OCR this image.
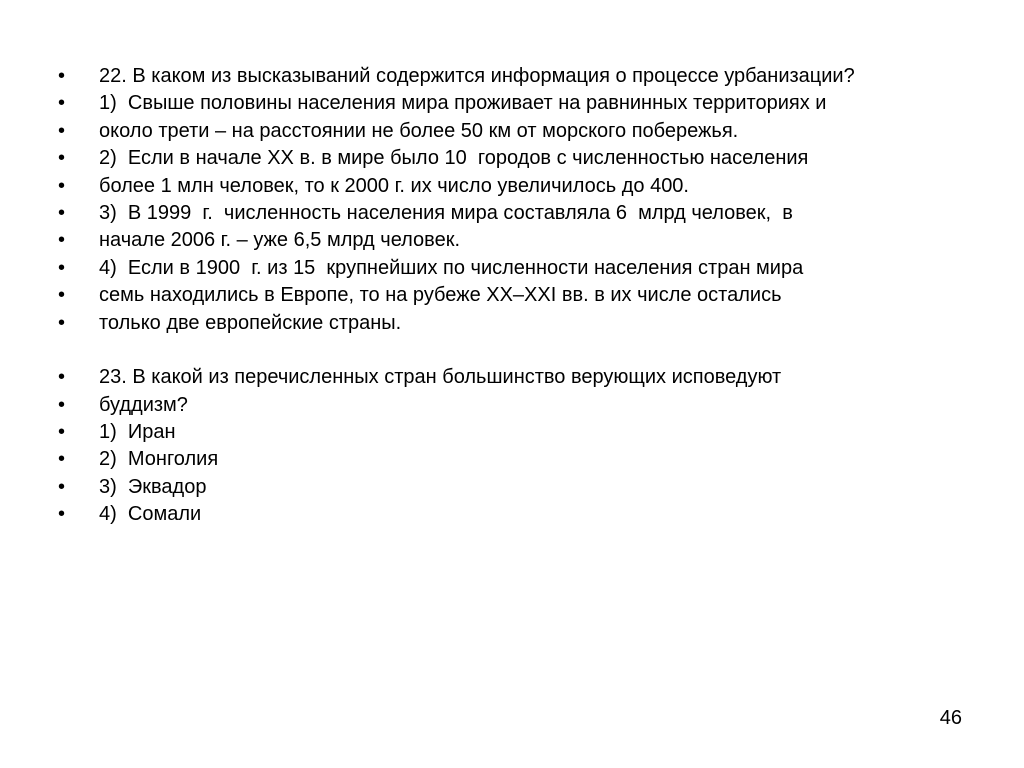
•	22. В каком из высказываний содержится информация о процессе урбанизации?
•	1)  Свыше половины населения мира проживает на равнинных территориях и
•	около трети – на расстоянии не более 50 км от морского побережья.
•	2)  Если в начале XX в. в мире было 10  городов с численностью населения
•	более 1 млн человек, то к 2000 г. их число увеличилось до 400.
•	3)  В 1999  г.  численность населения мира составляла 6  млрд человек,  в
•	начале 2006 г. – уже 6,5 млрд человек.
•	4)  Если в 1900  г. из 15  крупнейших по численности населения стран мира
•	семь находились в Европе, то на рубеже XX–XXI вв. в их числе остались
•	только две европейские страны.
•	23. В какой из перечисленных стран большинство верующих исповедуют
•	буддизм?
•	1)  Иран
•	2)  Монголия
•	3)  Эквадор
•	4)  Сомали
46
